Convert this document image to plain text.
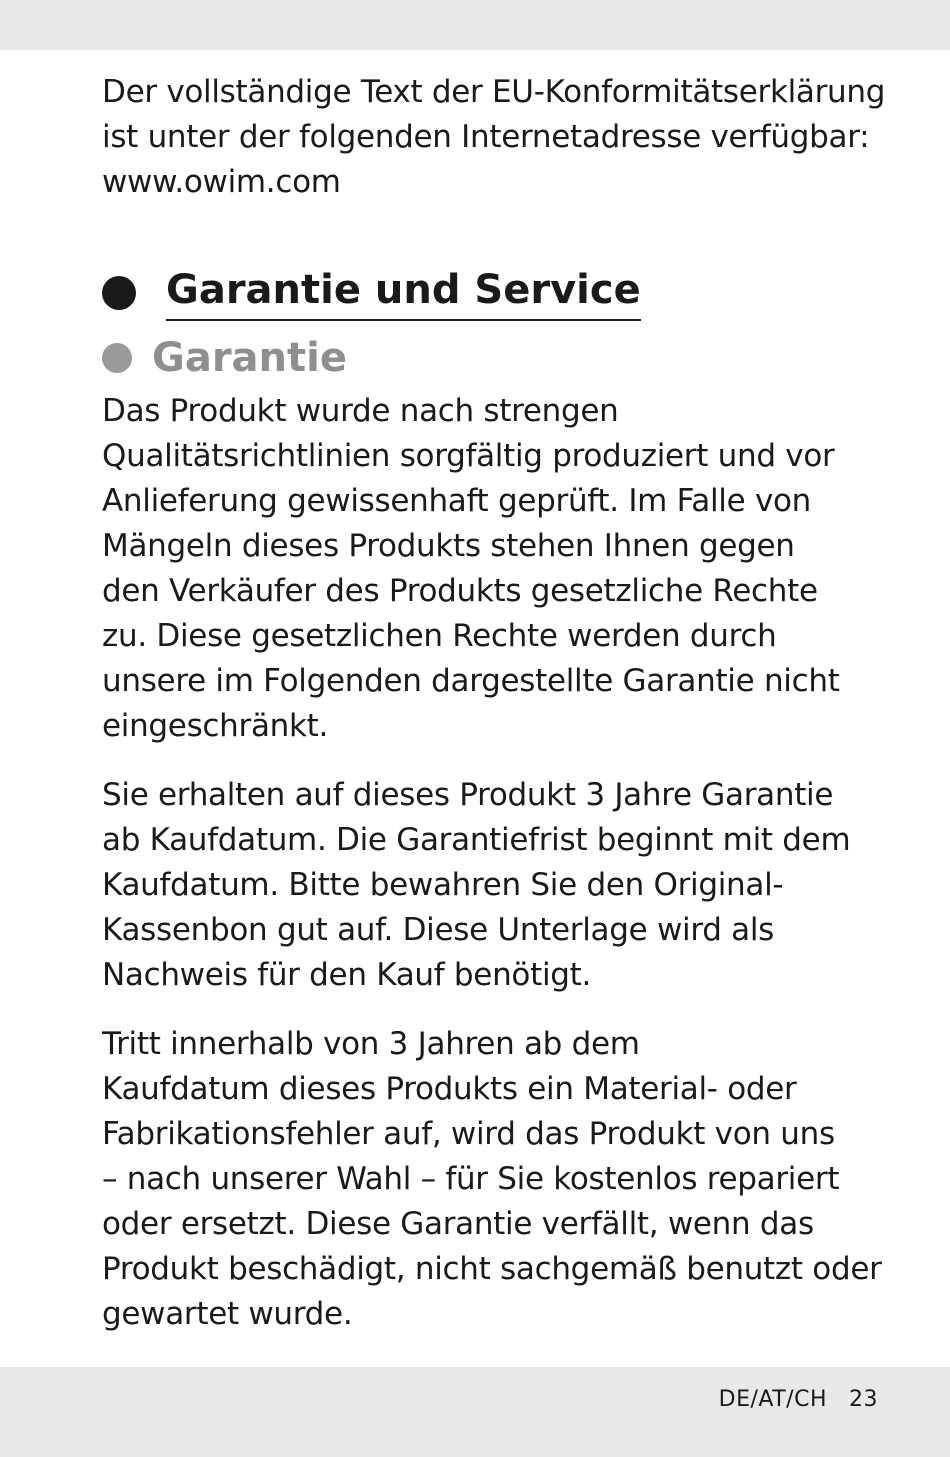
Der vollständige Text der EU-Konformitätserklärung
ist unter der folgenden Internetadresse verfügbar:
www.owim.com

Garantie und Service
Garantie

Das Produkt wurde nach strengen
Qualitätsrichtlinien sorgfältig produziert und vor
Anlieferung gewissenhaft geprüft. Im Falle von
Mängeln dieses Produkts stehen Ihnen gegen
den Verkäufer des Produkts gesetzliche Rechte
zu. Diese gesetzlichen Rechte werden durch
unsere im Folgenden dargestellte Garantie nicht
eingeschränkt.

Sie erhalten auf dieses Produkt 3 Jahre Garantie
ab Kaufdatum. Die Garantiefrist beginnt mit dem
Kaufdatum. Bitte bewahren Sie den Original-
Kassenbon gut auf. Diese Unterlage wird als
Nachweis für den Kauf benötigt.

Tritt innerhalb von 3 Jahren ab dem
Kaufdatum dieses Produkts ein Material- oder
Fabrikationsfehler auf, wird das Produkt von uns
– nach unserer Wahl – für Sie kostenlos repariert
oder ersetzt. Diese Garantie verfällt, wenn das
Produkt beschädigt, nicht sachgemäß benutzt oder
gewartet wurde.

DE/AT/CH 23
